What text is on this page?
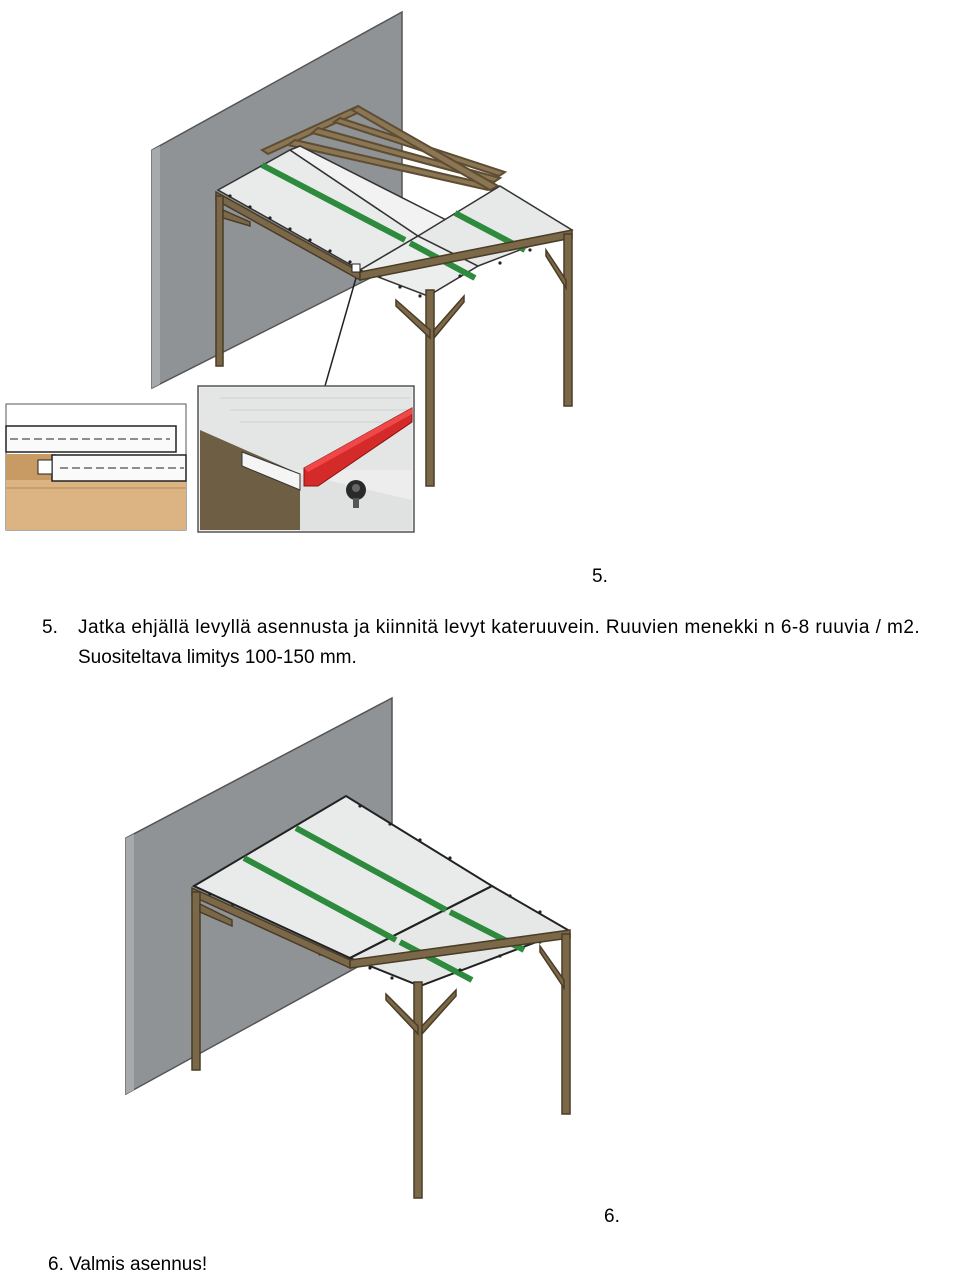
5.
5. Jatka ehjällä levyllä asennusta ja kiinnitä levyt kateruuvein. Ruuvien menekki n 6-8 ruuvia / m2.
Suositeltava limitys 100-150 mm.
6.
6. Valmis asennus!
